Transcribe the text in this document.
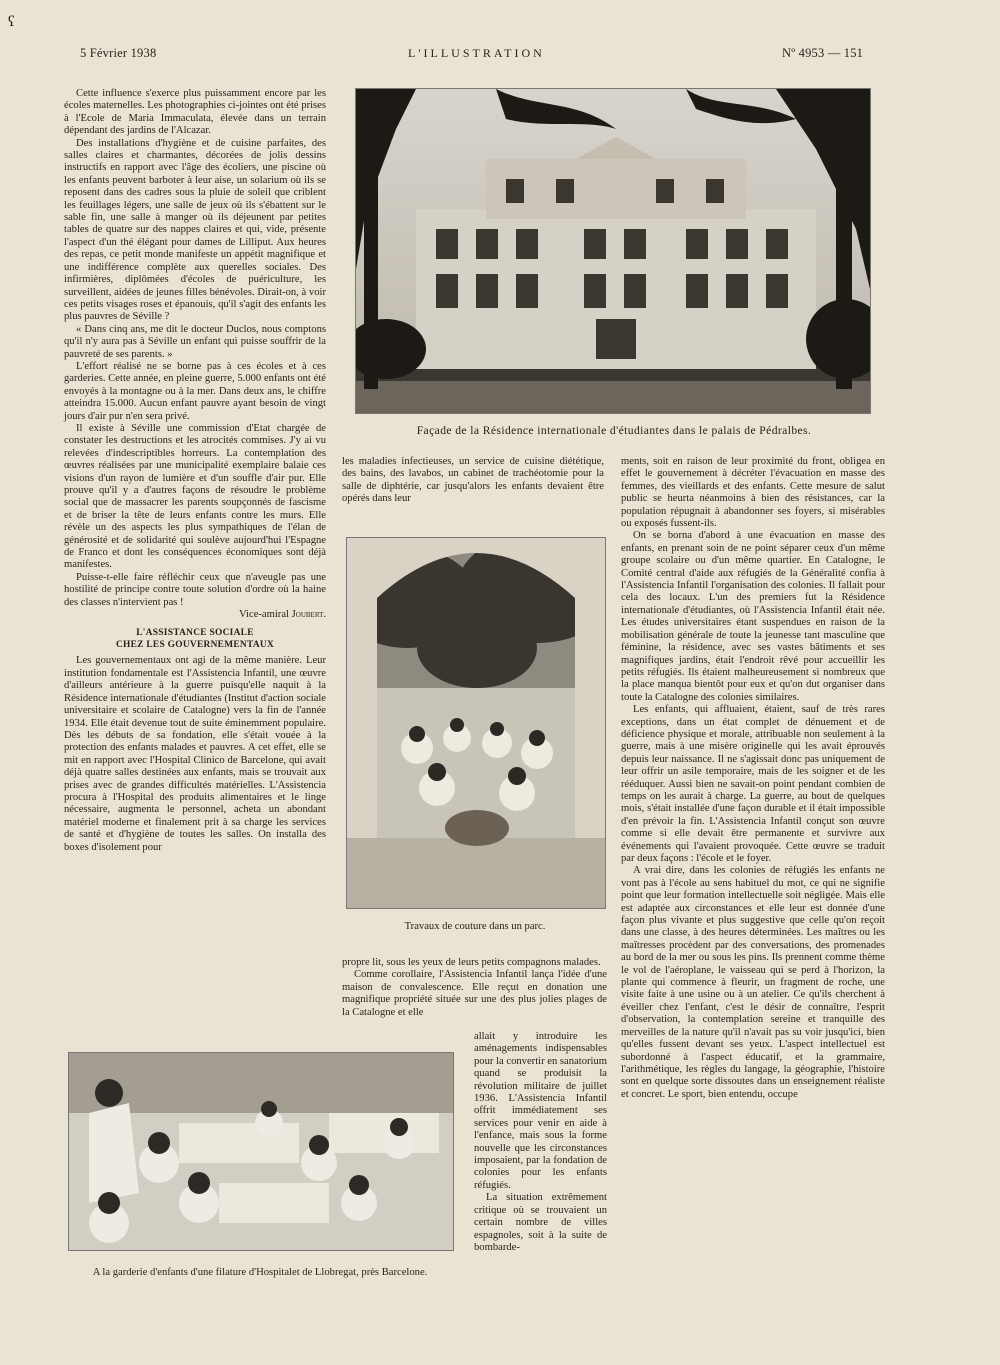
ʕ
5 Février 1938	L'ILLUSTRATION	Nº 4953 — 151

Cette influence s'exerce plus puissamment encore par les écoles maternelles. Les photographies ci-jointes ont été prises à l'Ecole de Maria Immaculata, élevée dans un terrain dépendant des jardins de l'Alcazar.

Des installations d'hygiène et de cuisine parfaites, des salles claires et charmantes, décorées de jolis dessins instructifs en rapport avec l'âge des écoliers, une piscine où les enfants peuvent barboter à leur aise, un solarium où ils se reposent dans des cadres sous la pluie de soleil que criblent les feuillages légers, une salle de jeux où ils s'ébattent sur le sable fin, une salle à manger où ils déjeunent par petites tables de quatre sur des nappes claires et qui, vide, présente l'aspect d'un thé élégant pour dames de Lilliput. Aux heures des repas, ce petit monde manifeste un appétit magnifique et une indifférence complète aux querelles sociales. Des infirmières, diplômées d'écoles de puériculture, les surveillent, aidées de jeunes filles bénévoles. Dirait-on, à voir ces petits visages roses et épanouis, qu'il s'agit des enfants les plus pauvres de Séville ?

« Dans cinq ans, me dit le docteur Duclos, nous comptons qu'il n'y aura pas à Séville un enfant qui puisse souffrir de la pauvreté de ses parents. »

L'effort réalisé ne se borne pas à ces écoles et à ces garderies. Cette année, en pleine guerre, 5.000 enfants ont été envoyés à la montagne ou à la mer. Dans deux ans, le chiffre atteindra 15.000. Aucun enfant pauvre ayant besoin de vingt jours d'air pur n'en sera privé.

Il existe à Séville une commission d'Etat chargée de constater les destructions et les atrocités commises. J'y ai vu relevées d'indescriptibles horreurs. La contemplation des œuvres réalisées par une municipalité exemplaire balaie ces visions d'un rayon de lumière et d'un souffle d'air pur. Elle prouve qu'il y a d'autres façons de résoudre le problème social que de massacrer les parents soupçonnés de fascisme et de briser la tête de leurs enfants contre les murs. Elle révèle un des aspects les plus sympathiques de l'élan de générosité et de solidarité qui soulève aujourd'hui l'Espagne de Franco et dont les conséquences économiques sont déjà manifestes.

Puisse-t-elle faire réfléchir ceux que n'aveugle pas une hostilité de principe contre toute solution d'ordre où la haine des classes n'intervient pas !

Vice-amiral Joubert.
L'ASSISTANCE SOCIALE
CHEZ LES GOUVERNEMENTAUX

Les gouvernementaux ont agi de la même manière. Leur institution fondamentale est l'Assistencia Infantil, une œuvre d'ailleurs antérieure à la guerre puisqu'elle naquit à la Résidence internationale d'étudiantes (Institut d'action sociale universitaire et scolaire de Catalogne) vers la fin de l'année 1934. Elle était devenue tout de suite éminemment populaire. Dès les débuts de sa fondation, elle s'était vouée à la protection des enfants malades et pauvres. A cet effet, elle se mit en rapport avec l'Hospital Clinico de Barcelone, qui avait déjà quatre salles destinées aux enfants, mais se trouvait aux prises avec de grandes difficultés matérielles. L'Assistencia procura à l'Hospital des produits alimentaires et le linge nécessaire, augmenta le personnel, acheta un abondant matériel moderne et finalement prit à sa charge les services de santé et d'hygiène de toutes les salles. On installa des boxes d'isolement pour

Façade de la Résidence internationale d'étudiantes dans le palais de Pédralbes.

les maladies infectieuses, un service de cuisine diététique, des bains, des lavabos, un cabinet de trachéotomie pour la salle de diphtérie, car jusqu'alors les enfants devaient être opérés dans leur

Travaux de couture dans un parc.

propre lit, sous les yeux de leurs petits compagnons malades.

Comme corollaire, l'Assistencia Infantil lança l'idée d'une maison de convalescence. Elle reçut en donation une magnifique propriété située sur une des plus jolies plages de la Catalogne et elle

allait y introduire les aménagements indispensables pour la convertir en sanatorium quand se produisit la révolution militaire de juillet 1936. L'Assistencia Infantil offrit immédiatement ses services pour venir en aide à l'enfance, mais sous la forme nouvelle que les circonstances imposaient, par la fondation de colonies pour les enfants réfugiés.

La situation extrêmement critique où se trouvaient un certain nombre de villes espagnoles, soit à la suite de bombarde-

A la garderie d'enfants d'une filature d'Hospitalet de Llobregat, près Barcelone.

ments, soit en raison de leur proximité du front, obligea en effet le gouvernement à décréter l'évacuation en masse des femmes, des vieillards et des enfants. Cette mesure de salut public se heurta néanmoins à bien des résistances, car la population répugnait à abandonner ses foyers, si misérables ou exposés fussent-ils.

On se borna d'abord à une évacuation en masse des enfants, en prenant soin de ne point séparer ceux d'un même groupe scolaire ou d'un même quartier. En Catalogne, le Comité central d'aide aux réfugiés de la Généralité confia à l'Assistencia Infantil l'organisation des colonies. Il fallait pour cela des locaux. L'un des premiers fut la Résidence internationale d'étudiantes, où l'Assistencia Infantil était née. Les études universitaires étant suspendues en raison de la mobilisation générale de toute la jeunesse tant masculine que féminine, la résidence, avec ses vastes bâtiments et ses magnifiques jardins, était l'endroit rêvé pour accueillir les petits réfugiés. Ils étaient malheureusement si nombreux que la place manqua bientôt pour eux et qu'on dut organiser dans toute la Catalogne des colonies similaires.

Les enfants, qui affluaient, étaient, sauf de très rares exceptions, dans un état complet de dénuement et de déficience physique et morale, attribuable non seulement à la guerre, mais à une misère originelle qui les avait éprouvés depuis leur naissance. Il ne s'agissait donc pas uniquement de leur offrir un asile temporaire, mais de les soigner et de les rééduquer. Aussi bien ne savait-on point pendant combien de temps on les aurait à charge. La guerre, au bout de quelques mois, s'était installée d'une façon durable et il était impossible d'en prévoir la fin. L'Assistencia Infantil conçut son œuvre comme si elle devait être permanente et survivre aux événements qui l'avaient provoquée. Cette œuvre se traduit par deux façons : l'école et le foyer.

A vrai dire, dans les colonies de réfugiés les enfants ne vont pas à l'école au sens habituel du mot, ce qui ne signifie point que leur formation intellectuelle soit négligée. Mais elle est adaptée aux circonstances et elle leur est donnée d'une façon plus vivante et plus suggestive que celle qu'on reçoit dans une classe, à des heures déterminées. Les maîtres ou les maîtresses procèdent par des conversations, des promenades au bord de la mer ou sous les pins. Ils prennent comme thème le vol de l'aéroplane, le vaisseau qui se perd à l'horizon, la plante qui commence à fleurir, un fragment de roche, une visite faite à une usine ou à un atelier. Ce qu'ils cherchent à éveiller chez l'enfant, c'est le désir de connaître, l'esprit d'observation, la contemplation sereine et tranquille des merveilles de la nature qu'il n'avait pas su voir jusqu'ici, bien qu'elles fussent devant ses yeux. L'aspect intellectuel est subordonné à l'aspect éducatif, et la grammaire, l'arithmétique, les règles du langage, la géographie, l'histoire sont en quelque sorte dissoutes dans un enseignement réaliste et concret. Le sport, bien entendu, occupe
